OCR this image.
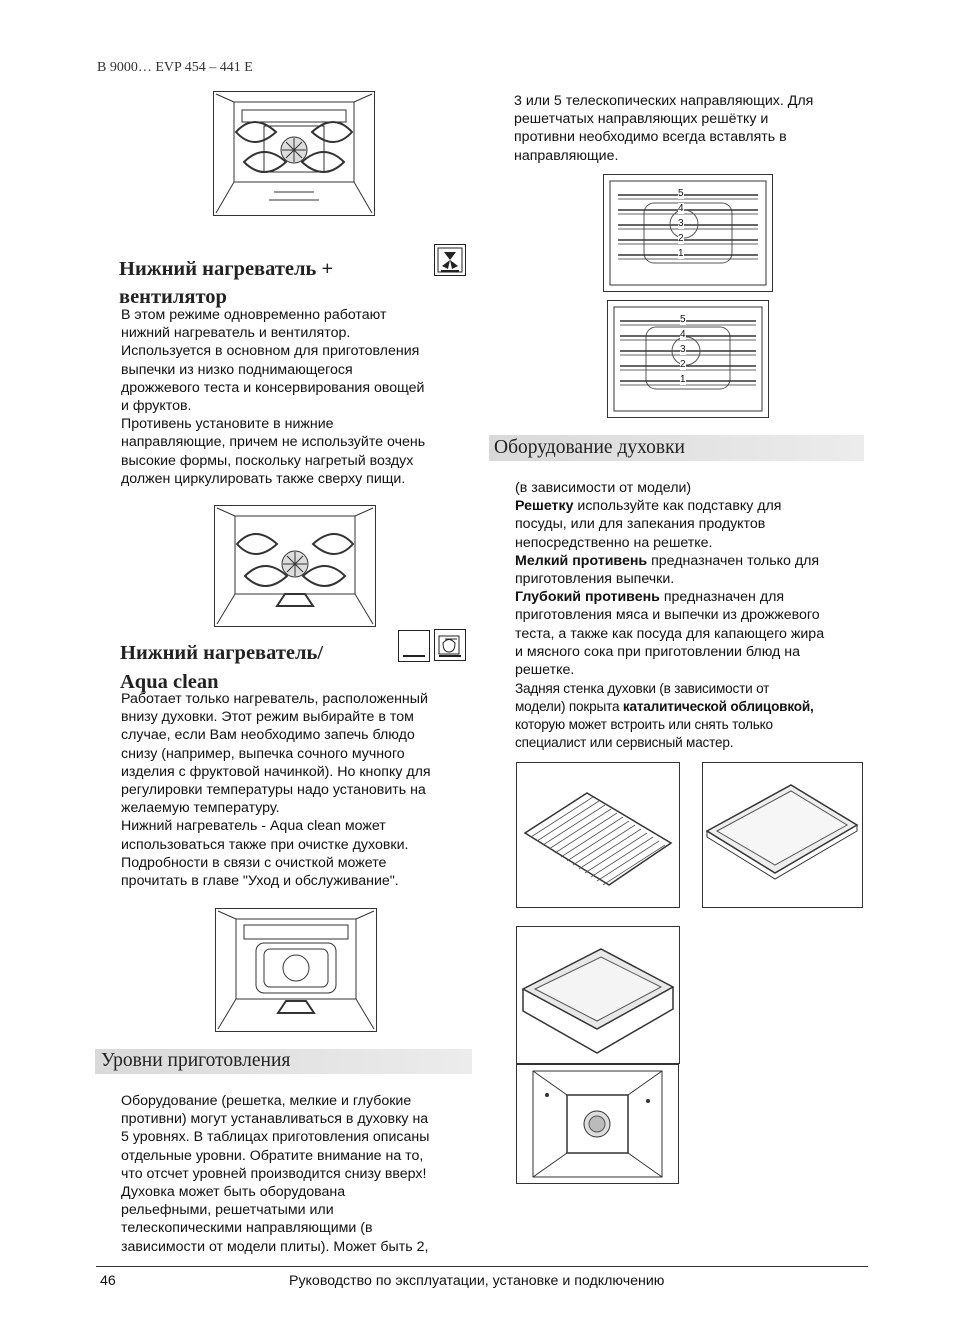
B 9000… EVP 454 – 441 E
Нижний нагреватель +
вентилятор
В этом режиме одновременно работают
нижний нагреватель и вентилятор.
Используется в основном для приготовления
выпечки из низко поднимающегося
дрожжевого теста и консервирования овощей
и фруктов.
Противень установите в нижние
направляющие, причем не используйте очень
высокие формы, поскольку нагретый воздух
должен циркулировать также сверху пищи.
Нижний нагреватель/
Aqua clean
Работает только нагреватель, расположенный
внизу духовки. Этот режим выбирайте в том
случае, если Вам необходимо запечь блюдо
снизу (например, выпечка сочного мучного
изделия с фруктовой начинкой). Но кнопку для
регулировки температуры надо установить на
желаемую температуру.
Нижний нагреватель - Aqua clean может
использоваться также при очистке духовки.
Подробности в связи с очисткой можете
прочитать в главе "Уход и обслуживание".
Уровни приготовления
Оборудование (решетка, мелкие и глубокие
противни) могут устанавливаться в духовку на
5 уровнях. В таблицах приготовления описаны
отдельные уровни. Обратите внимание на то,
что отсчет уровней производится снизу вверх!
Духовка может быть оборудована
рельефными, решетчатыми или
телескопическими направляющими (в
зависимости от модели плиты). Может быть 2,
3 или 5 телескопических направляющих. Для
решетчатых направляющих решётку и
противни необходимо всегда вставлять в
направляющие.
5
4
3
2
1
5
4
3
2
1
Оборудование духовки
(в зависимости от модели)
Решетку используйте как подставку для
посуды, или для запекания продуктов
непосредственно на решетке.
Мелкий противень предназначен только для
приготовления выпечки.
Глубокий противень предназначен для
приготовления мяса и выпечки из дрожжевого
теста, а также как посуда для капающего жира
и мясного сока при приготовлении блюд на
решетке.
Задняя стенка духовки (в зависимости от
модели) покрыта каталитической облицовкой,
которую может встроить или снять только
специалист или сервисный мастер.
46	Руководство по эксплуатации, установке и подключению
